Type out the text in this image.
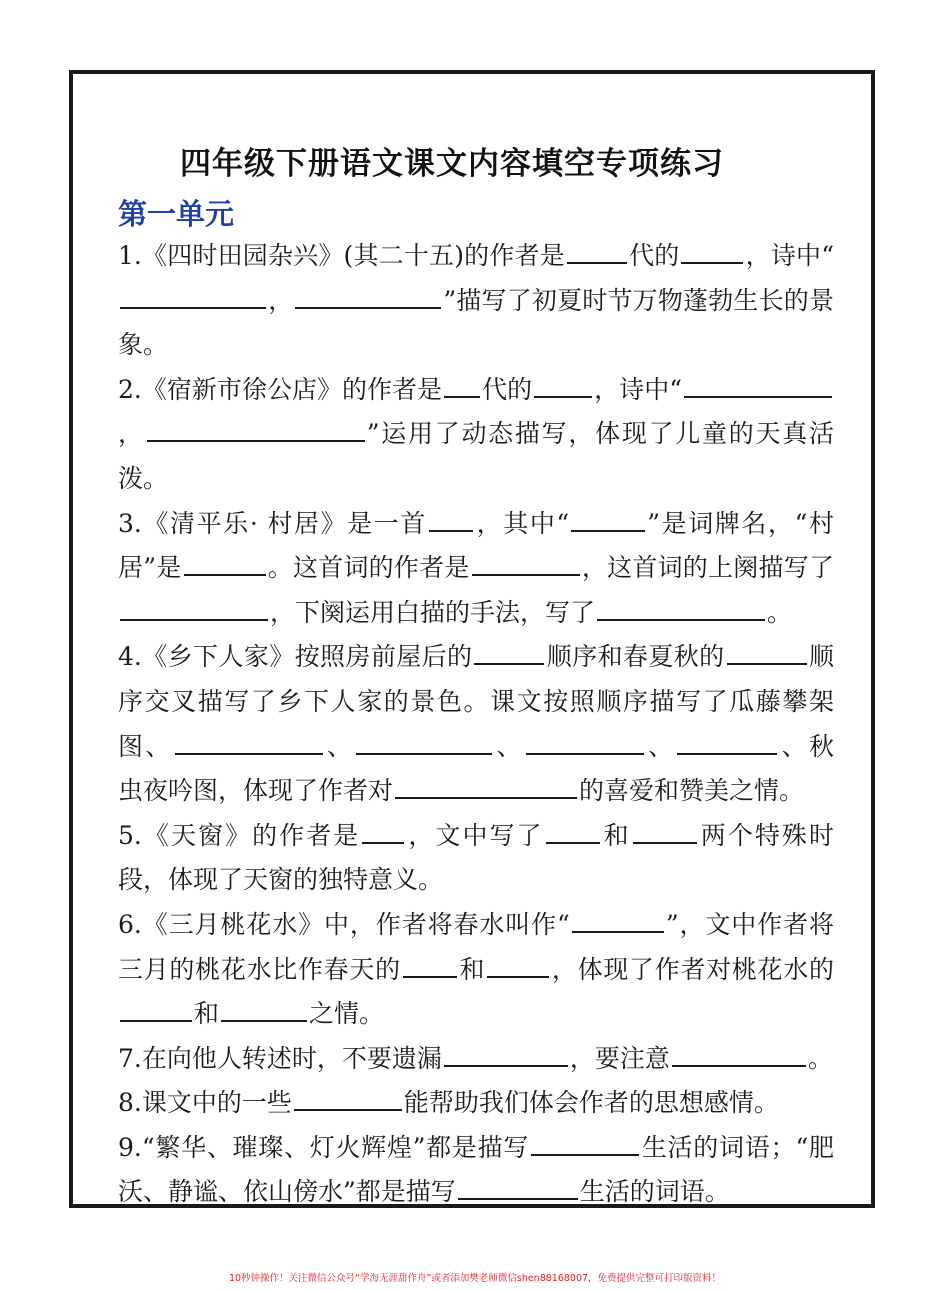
四年级下册语文课文内容填空专项练习
第一单元

1.《四时田园杂兴》(其二十五)的作者是	代的	，诗中“，	”描写了初夏时节万物蓬勃生长的景象。

2.《宿新市徐公店》的作者是 代的 ，诗中“，	”运用了动态描写，体现了儿童的天真活泼。

3.《清平乐· 村居》是一首 ，其中“	”是词牌名，“村居”是	。这首词的作者是	，这首词的上阕描写了，下阕运用白描的手法，写了	。

4.《乡下人家》按照房前屋后的	顺序和春夏秋的	顺序交叉描写了乡下人家的景色。课文按照顺序描写了瓜藤攀架图、	、	、	、	、秋虫夜吟图，体现了作者对	的喜爱和赞美之情。

5.《天窗》的作者是 ，文中写了 和	两个特殊时段，体现了天窗的独特意义。

6.《三月桃花水》中，作者将春水叫作“	”，文中作者将三月的桃花水比作春天的 和	，体现了作者对桃花水的和	之情。

7.在向他人转述时，不要遗漏	，要注意	。

8.课文中的一些	能帮助我们体会作者的思想感情。

9.“繁华、璀璨、灯火辉煌”都是描写	生活的词语；“肥沃、静谧、依山傍水”都是描写	生活的词语。

10秒钟操作！关注微信公众号“学海无涯甜作舟”或者添加樊老师微信shen88168007，免费提供完整可打印版资料！
